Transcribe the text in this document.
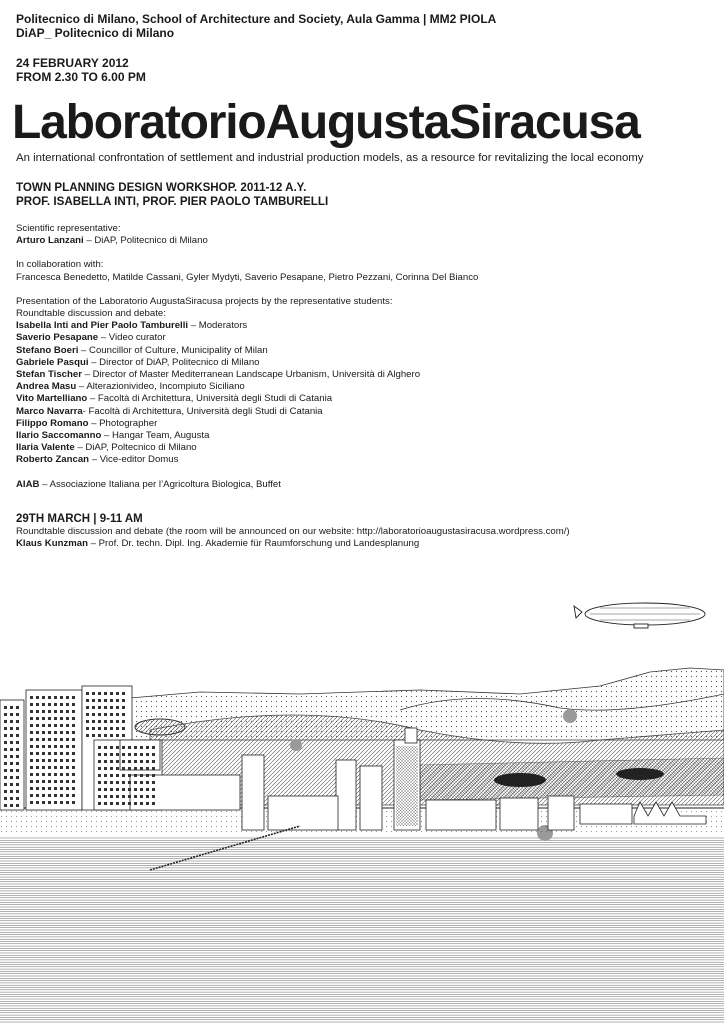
Politecnico di Milano, School of Architecture and Society, Aula Gamma | MM2 PIOLA
DiAP_ Politecnico di Milano
24 FEBRUARY 2012
FROM 2.30 TO 6.00 PM
LaboratorioAugustaSiracusa
An international confrontation of settlement and industrial production models, as a resource for revitalizing the local economy
TOWN PLANNING DESIGN WORKSHOP. 2011-12 A.Y.
PROF. ISABELLA INTI, PROF. PIER PAOLO TAMBURELLI
Scientific representative:
Arturo Lanzani – DiAP, Politecnico di Milano
In collaboration with:
Francesca Benedetto, Matilde Cassani, Gyler Mydyti, Saverio Pesapane, Pietro Pezzani, Corinna Del Bianco
Presentation of the Laboratorio AugustaSiracusa projects by the representative students:
Roundtable discussion and debate:
Isabella Inti and Pier Paolo Tamburelli – Moderators
Saverio Pesapane – Video curator
Stefano Boeri – Councillor of Culture, Municipality of Milan
Gabriele Pasqui – Director of DiAP, Politecnico di Milano
Stefan Tischer – Director of Master Mediterranean Landscape Urbanism, Università di Alghero
Andrea Masu – Alterazionivideo, Incompiuto Siciliano
Vito Martelliano – Facoltà di Architettura, Università degli Studi di Catania
Marco Navarra- Facoltà di Architettura, Università degli Studi di Catania
Filippo Romano – Photographer
Ilario Saccomanno – Hangar Team, Augusta
Ilaria Valente – DiAP, Poltecnico di Milano
Roberto Zancan – Vice-editor Domus
AIAB – Associazione Italiana per l’Agricoltura Biologica, Buffet
29TH MARCH | 9-11 AM
Roundtable discussion and debate (the room will be announced on our website: http://laboratorioaugustasiracusa.wordpress.com/)
Klaus Kunzman – Prof. Dr. techn. Dipl. Ing. Akademie für Raumforschung und Landesplanung
